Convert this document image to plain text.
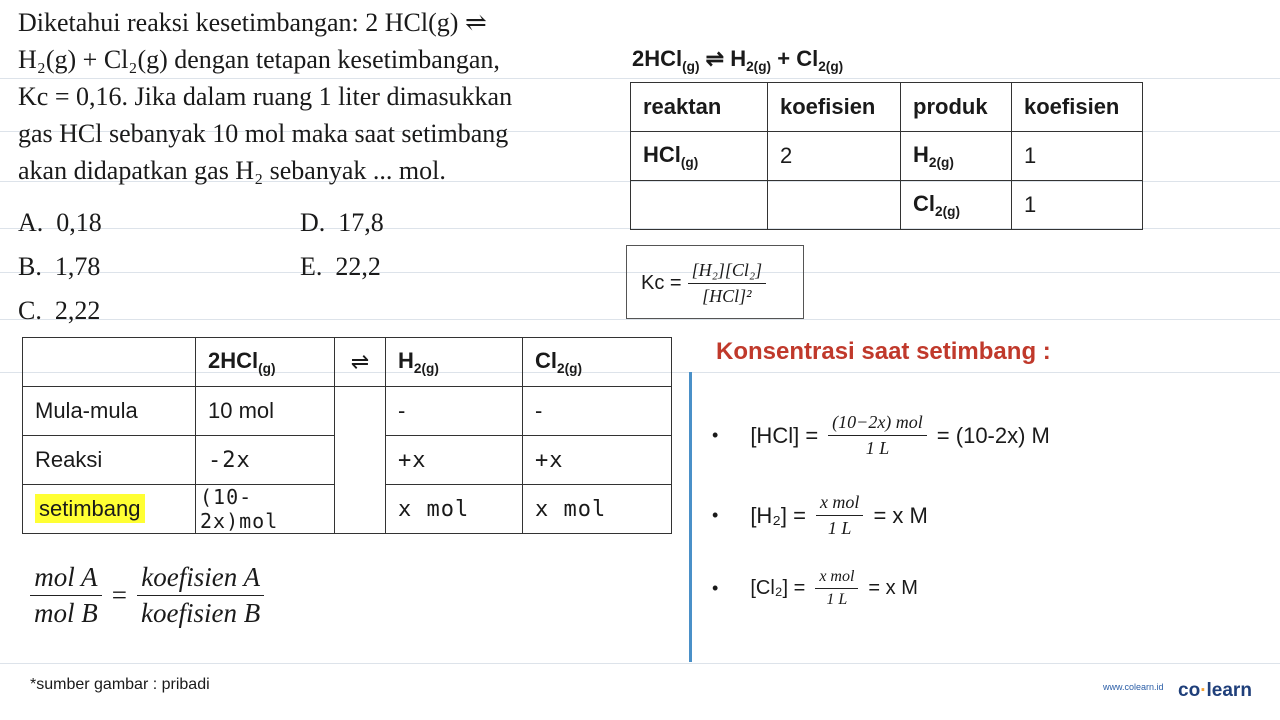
Diketahui reaksi kesetimbangan: 2 HCl(g) ⇌
H₂(g) + Cl₂(g) dengan tetapan kesetimbangan,
Kc = 0,16. Jika dalam ruang 1 liter dimasukkan
gas HCl sebanyak 10 mol maka saat setimbang
akan didapatkan gas H₂ sebanyak ... mol.
A. 0,18
B. 1,78
C. 2,22
D. 17,8
E. 22,2
2HCl$_{(g)}$ ⇌ $H_{2(g)} + Cl_{2(g)}$
reaktan	koefisien	produk	koefisien
HCl$_{(g)}$	2	$H_{2(g)}$	1
		$Cl_{2(g)}$	1
$Kc = \frac{\text{[H₂][Cl₂]}}{\text{[HCl]²}}$
	2HCl$_{(g)}$	⇌	$H_{2(g)}$	$Cl_{2(g)}$
Mula-mula	10 mol		-	-
Reaksi	-2x		+x	+x
setimbang	(10-2x)mol		x mol	x mol
$\frac{\text{mol A}}{\text{mol B}} = \frac{\text{koefisien A}}{\text{koefisien B}}$
Konsentrasi saat setimbang :
• $[HCl] = \frac{\text{(10−2x) mol}}{1 L} = (10-2x)$ M
• $[H_2] = \frac{\text{x mol}}{1 L} = x$ M
• $[Cl_2] = \frac{\text{x mol}}{1 L} = x$ M
*sumber gambar : pribadi	www.colearn.id co·learn
